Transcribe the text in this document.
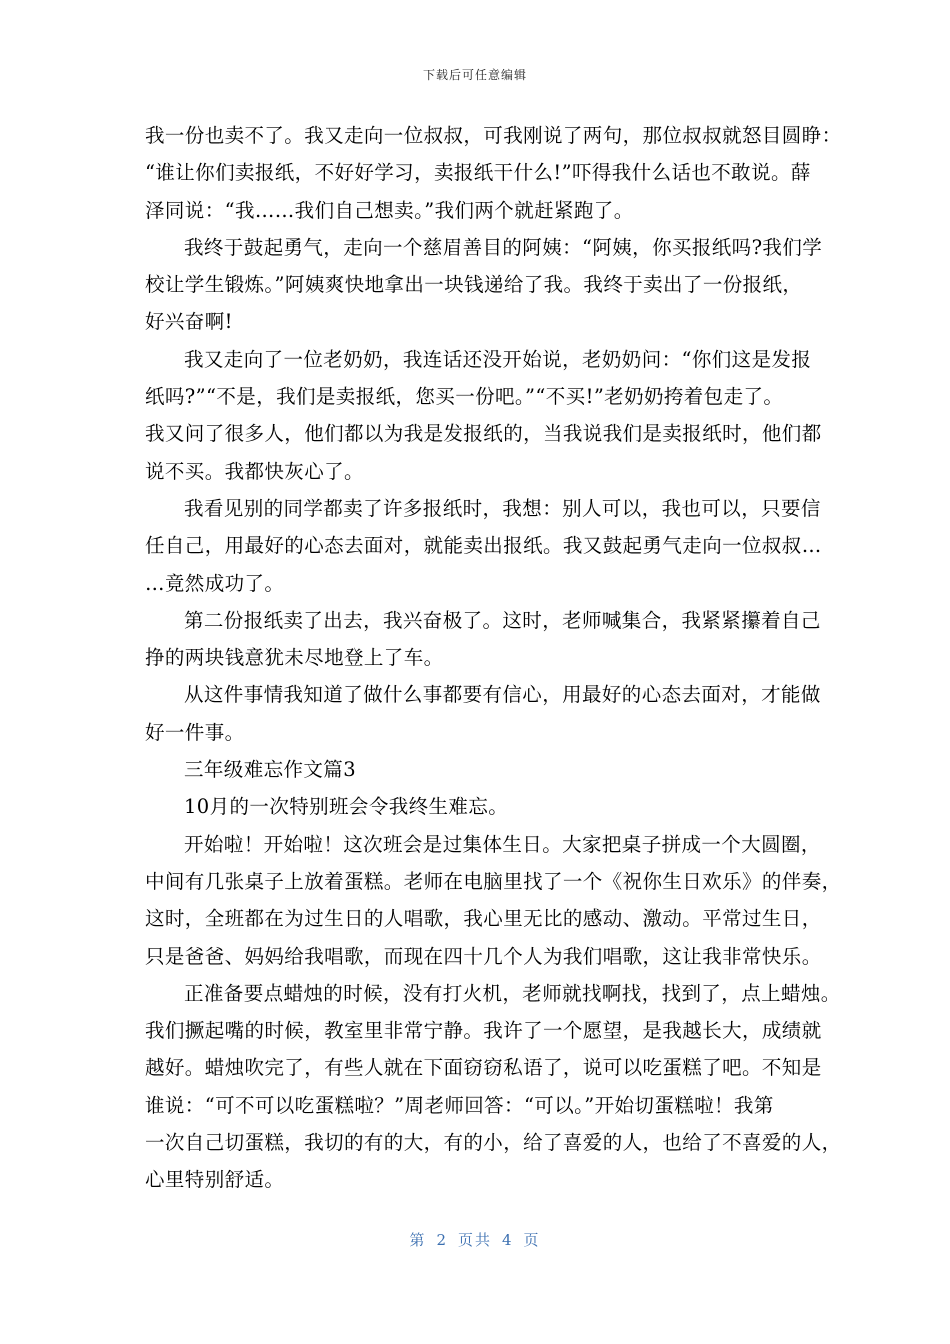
下载后可任意编辑
我一份也卖不了。我又走向一位叔叔，可我刚说了两句，那位叔叔就怒目圆睁：
“谁让你们卖报纸，不好好学习，卖报纸干什么!”吓得我什么话也不敢说。薛
泽同说：“我……我们自己想卖。”我们两个就赶紧跑了。
我终于鼓起勇气，走向一个慈眉善目的阿姨：“阿姨，你买报纸吗?我们学
校让学生锻炼。”阿姨爽快地拿出一块钱递给了我。我终于卖出了一份报纸，
好兴奋啊!
我又走向了一位老奶奶，我连话还没开始说，老奶奶问：“你们这是发报
纸吗?”“不是，我们是卖报纸，您买一份吧。”“不买!”老奶奶挎着包走了。
我又问了很多人，他们都以为我是发报纸的，当我说我们是卖报纸时，他们都
说不买。我都快灰心了。
我看见别的同学都卖了许多报纸时，我想：别人可以，我也可以，只要信
任自己，用最好的心态去面对，就能卖出报纸。我又鼓起勇气走向一位叔叔…
…竟然成功了。
第二份报纸卖了出去，我兴奋极了。这时，老师喊集合，我紧紧攥着自己
挣的两块钱意犹未尽地登上了车。
从这件事情我知道了做什么事都要有信心，用最好的心态去面对，才能做
好一件事。
三年级难忘作文篇3
10月的一次特别班会令我终生难忘。
开始啦！开始啦！这次班会是过集体生日。大家把桌子拼成一个大圆圈，
中间有几张桌子上放着蛋糕。老师在电脑里找了一个《祝你生日欢乐》的伴奏，
这时，全班都在为过生日的人唱歌，我心里无比的感动、激动。平常过生日，
只是爸爸、妈妈给我唱歌，而现在四十几个人为我们唱歌，这让我非常快乐。
正准备要点蜡烛的时候，没有打火机，老师就找啊找，找到了，点上蜡烛。
我们撅起嘴的时候，教室里非常宁静。我许了一个愿望，是我越长大，成绩就
越好。蜡烛吹完了，有些人就在下面窃窃私语了，说可以吃蛋糕了吧。不知是
谁说：“可不可以吃蛋糕啦？”周老师回答：“可以。”开始切蛋糕啦！我第
一次自己切蛋糕，我切的有的大，有的小，给了喜爱的人，也给了不喜爱的人，
心里特别舒适。
第 2 页共 4 页
